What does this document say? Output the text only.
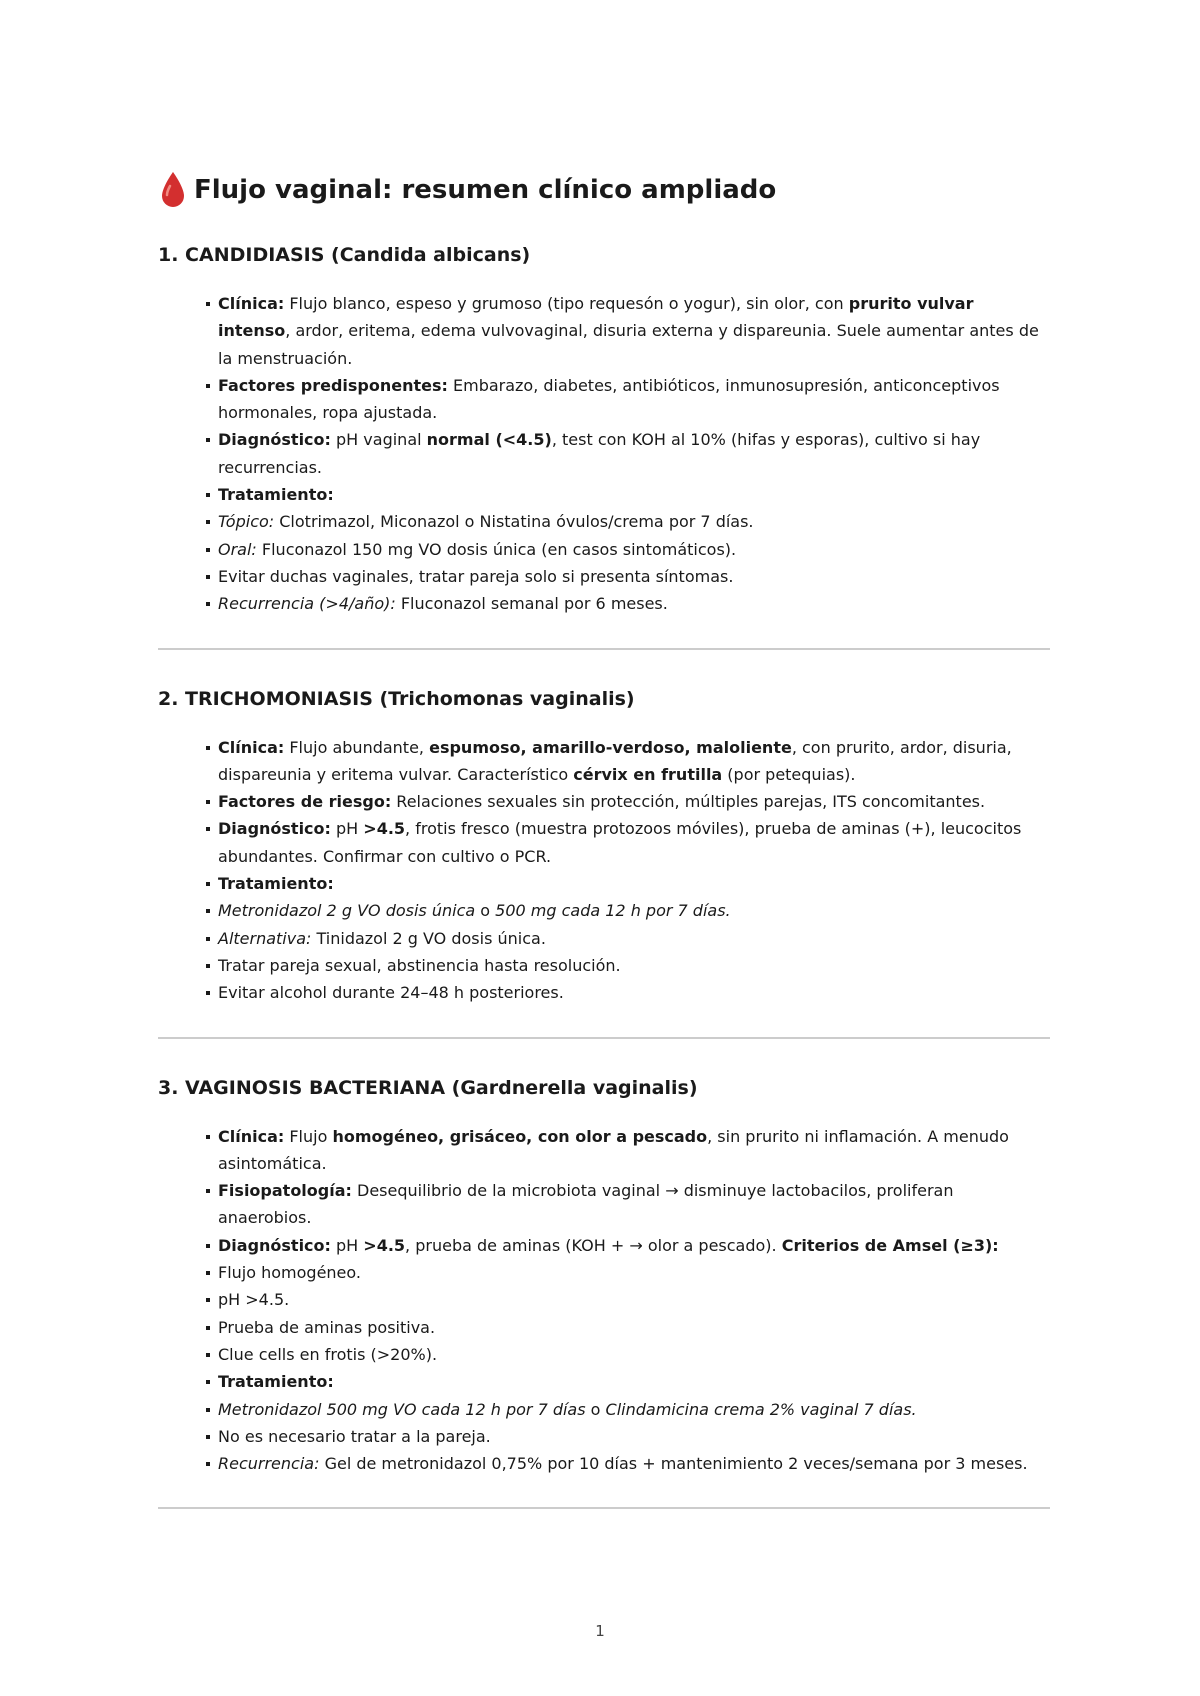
Flujo vaginal: resumen clínico ampliado
1. CANDIDIASIS (Candida albicans)
Clínica: Flujo blanco, espeso y grumoso (tipo requesón o yogur), sin olor, con prurito vulvar intenso, ardor, eritema, edema vulvovaginal, disuria externa y dispareunia. Suele aumentar antes de la menstruación.
Factores predisponentes: Embarazo, diabetes, antibióticos, inmunosupresión, anticonceptivos hormonales, ropa ajustada.
Diagnóstico: pH vaginal normal (<4.5), test con KOH al 10% (hifas y esporas), cultivo si hay recurrencias.
Tratamiento:
Tópico: Clotrimazol, Miconazol o Nistatina óvulos/crema por 7 días.
Oral: Fluconazol 150 mg VO dosis única (en casos sintomáticos).
Evitar duchas vaginales, tratar pareja solo si presenta síntomas.
Recurrencia (>4/año): Fluconazol semanal por 6 meses.
2. TRICHOMONIASIS (Trichomonas vaginalis)
Clínica: Flujo abundante, espumoso, amarillo-verdoso, maloliente, con prurito, ardor, disuria, dispareunia y eritema vulvar. Característico cérvix en frutilla (por petequias).
Factores de riesgo: Relaciones sexuales sin protección, múltiples parejas, ITS concomitantes.
Diagnóstico: pH >4.5, frotis fresco (muestra protozoos móviles), prueba de aminas (+), leucocitos abundantes. Confirmar con cultivo o PCR.
Tratamiento:
Metronidazol 2 g VO dosis única o 500 mg cada 12 h por 7 días.
Alternativa: Tinidazol 2 g VO dosis única.
Tratar pareja sexual, abstinencia hasta resolución.
Evitar alcohol durante 24–48 h posteriores.
3. VAGINOSIS BACTERIANA (Gardnerella vaginalis)
Clínica: Flujo homogéneo, grisáceo, con olor a pescado, sin prurito ni inflamación. A menudo asintomática.
Fisiopatología: Desequilibrio de la microbiota vaginal → disminuye lactobacilos, proliferan anaerobios.
Diagnóstico: pH >4.5, prueba de aminas (KOH + → olor a pescado). Criterios de Amsel (≥3):
Flujo homogéneo.
pH >4.5.
Prueba de aminas positiva.
Clue cells en frotis (>20%).
Tratamiento:
Metronidazol 500 mg VO cada 12 h por 7 días o Clindamicina crema 2% vaginal 7 días.
No es necesario tratar a la pareja.
Recurrencia: Gel de metronidazol 0,75% por 10 días + mantenimiento 2 veces/semana por 3 meses.
1
